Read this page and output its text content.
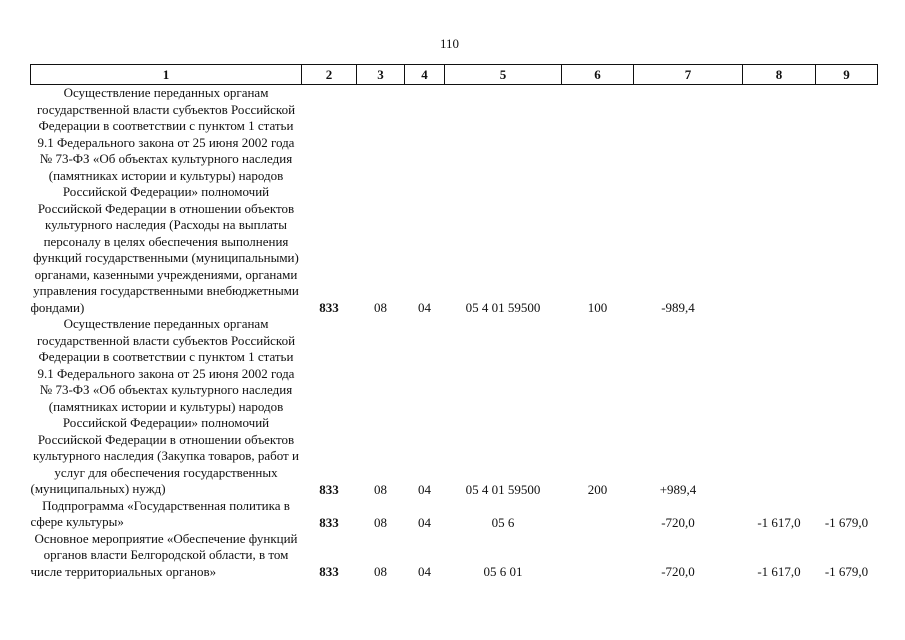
110
1	2	3	4	5	6	7	8	9

Осуществление переданных органам государственной власти субъектов Российской Федерации в соответствии с пунктом 1 статьи 9.1 Федерального закона от 25 июня 2002 года № 73-ФЗ «Об объектах культурного наследия (памятниках истории и культуры) народов Российской Федерации» полномочий Российской Федерации в отношении объектов культурного наследия (Расходы на выплаты персоналу в целях обеспечения выполнения функций государственными (муниципальными) органами, казенными учреждениями, органами управления государственными внебюджетными фондами)	833	08	04	05 4 01 59500	100	-989,4		

Осуществление переданных органам государственной власти субъектов Российской Федерации в соответствии с пунктом 1 статьи 9.1 Федерального закона от 25 июня 2002 года № 73-ФЗ «Об объектах культурного наследия (памятниках истории и культуры) народов Российской Федерации» полномочий Российской Федерации в отношении объектов культурного наследия (Закупка товаров, работ и услуг для обеспечения государственных (муниципальных) нужд)	833	08	04	05 4 01 59500	200	+989,4		

Подпрограмма «Государственная политика в сфере культуры»	833	08	04	05 6		-720,0	-1 617,0	-1 679,0

Основное мероприятие «Обеспечение функций органов власти Белгородской области, в том числе территориальных органов»	833	08	04	05 6 01		-720,0	-1 617,0	-1 679,0
